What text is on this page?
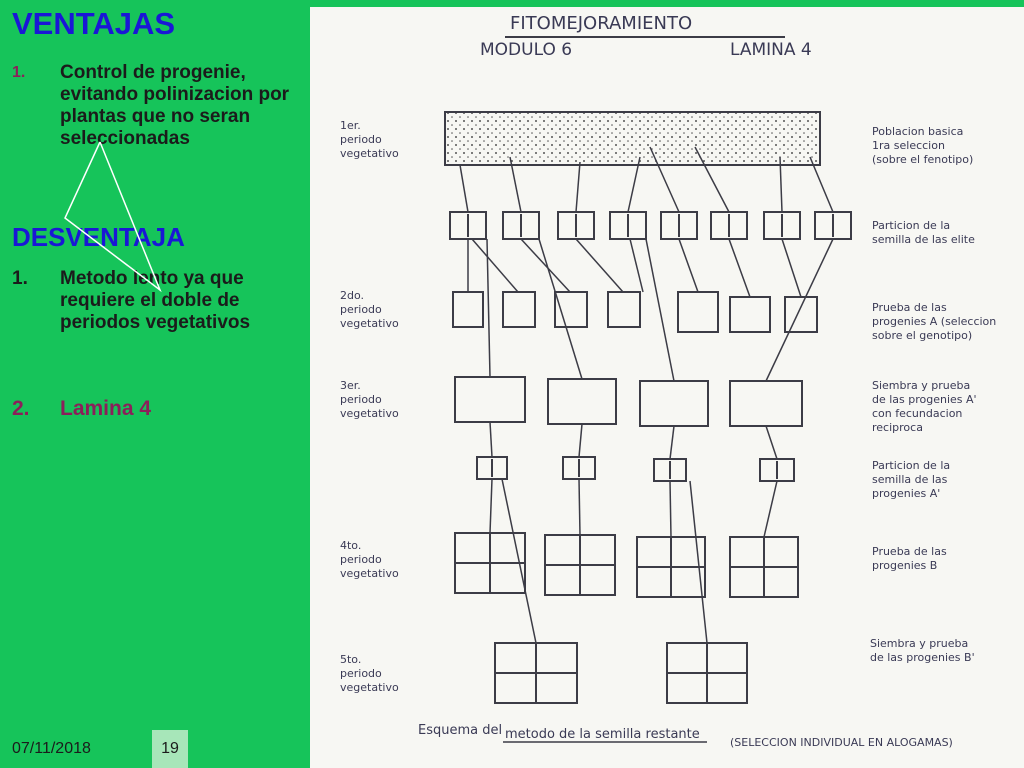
VENTAJAS
1. Control de progenie, evitando polinizacion por plantas que no seran seleccionadas
DESVENTAJA
1. Metodo lento ya que requiere el doble de periodos vegetativos
2. Lamina 4
07/11/2018	19
FITOMEJORAMIENTO
MODULO 6	LAMINA 4
1er. periodo vegetativo
2do. periodo vegetativo
3er. periodo vegetativo
4to. periodo vegetativo
5to. periodo vegetativo
Poblacion basica 1ra seleccion (sobre el fenotipo)
Particion de la semilla de las elite
Prueba de las progenies A (seleccion sobre el genotipo)
Siembra y prueba de las progenies A' con fecundacion reciproca
Particion de la semilla de las progenies A'
Prueba de las progenies B
Siembra y prueba de las progenies B'
Esquema del metodo de la semilla restante
(SELECCION INDIVIDUAL EN ALOGAMAS)
